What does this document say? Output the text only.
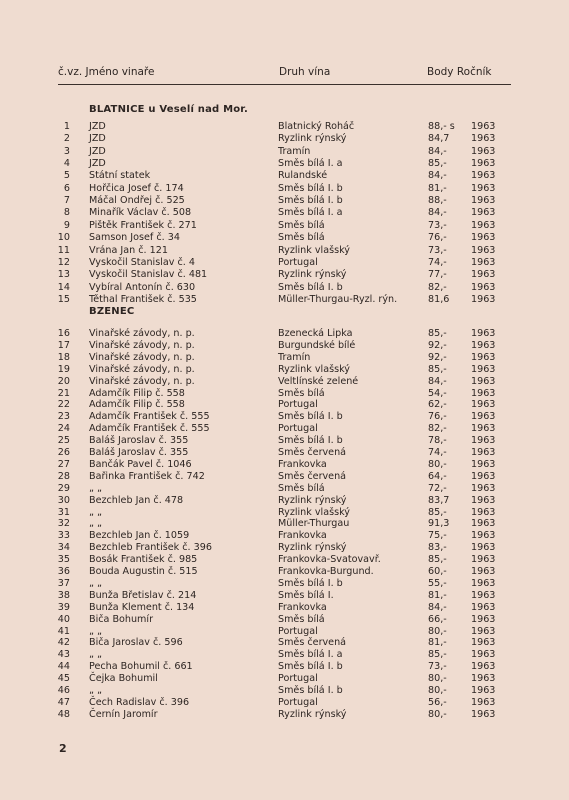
č.vz. Jméno vinaře	Druh vína	Body Ročník
BLATNICE u Veselí nad Mor.
BZENEC
1 JZD	Blatnický Roháč	88,- s 1963
2 JZD	Ryzlink rýnský	84,7 1963
3 JZD	Tramín	84,-	1963
4 JZD	Směs bílá I. a	85,-	1963
5 Státní statek	Rulandské	84,-	1963
6 Hořčica Josef č. 174	Směs bílá I. b	81,-	1963
7 Máčal Ondřej č. 525	Směs bílá I. b	88,-	1963
8 Minařík Václav č. 508	Směs bílá I. a	84,-	1963
9 Pištěk František č. 271	Směs bílá	73,-	1963
10 Samson Josef č. 34	Směs bílá	76,-	1963
11 Vrána Jan č. 121	Ryzlink vlašský	73,-	1963
12 Vyskočil Stanislav č. 4	Portugal	74,-	1963
13 Vyskočil Stanislav č. 481	Ryzlink rýnský	77,-	1963
14 Vybíral Antonín č. 630	Směs bílá I. b	82,-	1963
15 Těthal František č. 535	Müller-Thurgau-Ryzl. rýn.	81,6 1963
16 Vinařské závody, n. p.	Bzenecká Lipka	85,-	1963
17 Vinařské závody, n. p.	Burgundské bílé	92,-	1963
18 Vinařské závody, n. p.	Tramín	92,-	1963
19 Vinařské závody, n. p.	Ryzlink vlašský	85,-	1963
20 Vinařské závody, n. p.	Veltlínské zelené	84,-	1963
21 Adamčík Filip č. 558	Směs bílá	54,-	1963
22 Adamčík Filip č. 558	Portugal	62,-	1963
23 Adamčík František č. 555	Směs bílá I. b	76,-	1963
24 Adamčík František č. 555	Portugal	82,-	1963
25 Baláš Jaroslav č. 355	Směs bílá I. b	78,-	1963
26 Baláš Jaroslav č. 355	Směs červená	74,-	1963
27 Bančák Pavel č. 1046	Frankovka	80,-	1963
28 Bařinka František č. 742	Směs červená	64,-	1963
29 „ „	Směs bílá	72,-	1963
30 Bezchleb Jan č. 478	Ryzlink rýnský	83,7 1963
31 „ „	Ryzlink vlašský	85,-	1963
32 „ „	Müller-Thurgau	91,3 1963
33 Bezchleb Jan č. 1059	Frankovka	75,-	1963
34 Bezchleb František č. 396	Ryzlink rýnský	83,-	1963
35 Bosák František č. 985	Frankovka-Svatovavř.	85,-	1963
36 Bouda Augustin č. 515	Frankovka-Burgund.	60,-	1963
37 „ „	Směs bílá I. b	55,-	1963
38 Bunža Břetislav č. 214	Směs bílá I.	81,-	1963
39 Bunža Klement č. 134	Frankovka	84,-	1963
40 Biča Bohumír	Směs bílá	66,-	1963
41 „ „	Portugal	80,-	1963
42 Biča Jaroslav č. 596	Směs červená	81,-	1963
43 „ „	Směs bílá I. a	85,-	1963
44 Pecha Bohumil č. 661	Směs bílá I. b	73,-	1963
45 Čejka Bohumil	Portugal	80,-	1963
46 „ „	Směs bílá I. b	80,-	1963
47 Čech Radislav č. 396	Portugal	56,-	1963
48 Černín Jaromír	Ryzlink rýnský	80,-	1963
2
